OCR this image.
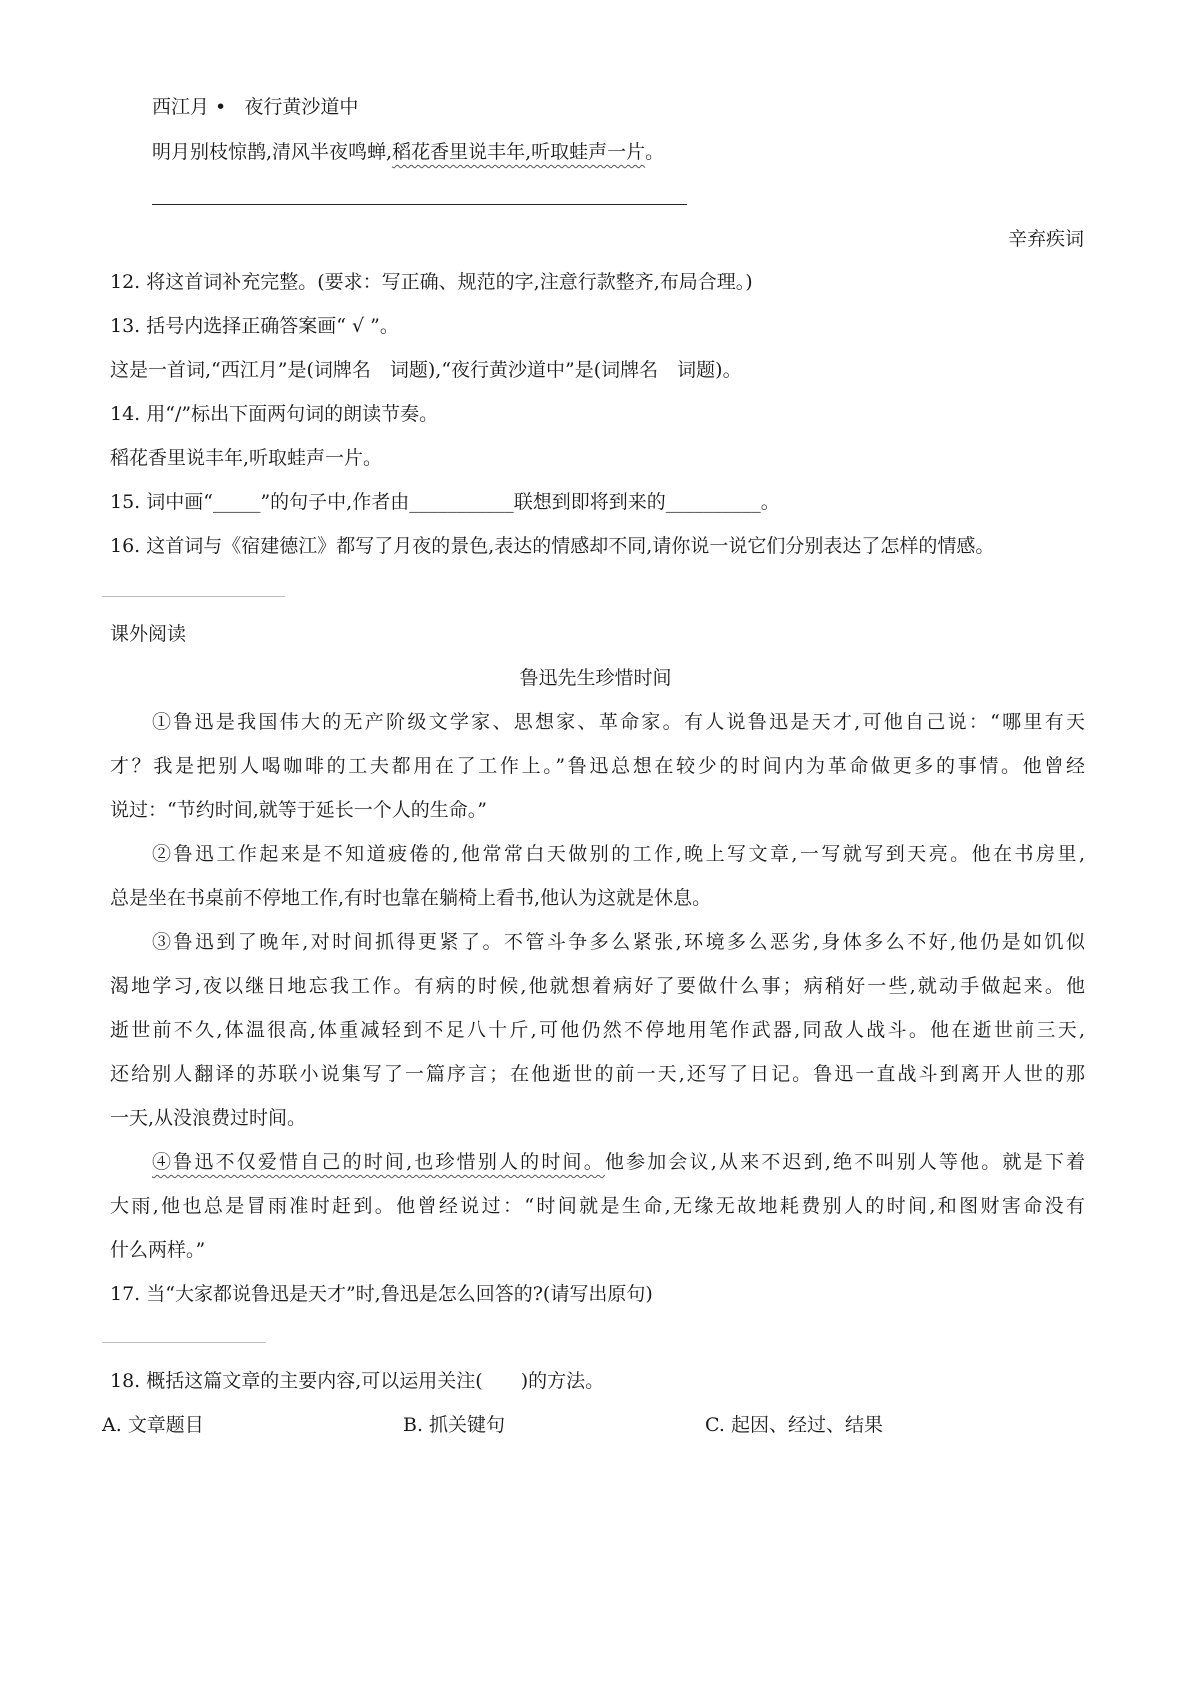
西江月 • 夜行黄沙道中
明月别枝惊鹊,清风半夜鸣蝉,稻花香里说丰年,听取蛙声一片。
辛弃疾词
12. 将这首词补充完整。(要求：写正确、规范的字,注意行款整齐,布局合理。)
13. 括号内选择正确答案画“ √ ”。
这是一首词,“西江月”是(词牌名　词题),“夜行黄沙道中”是(词牌名　词题)。
14. 用“/”标出下面两句词的朗读节奏。
稻花香里说丰年,听取蛙声一片。
15. 词中画“_____”的句子中,作者由___________联想到即将到来的__________。
16. 这首词与《宿建德江》都写了月夜的景色,表达的情感却不同,请你说一说它们分别表达了怎样的情感。
课外阅读
鲁迅先生珍惜时间
①鲁迅是我国伟大的无产阶级文学家、思想家、革命家。有人说鲁迅是天才,可他自己说：“哪里有天
才？我是把别人喝咖啡的工夫都用在了工作上。”鲁迅总想在较少的时间内为革命做更多的事情。他曾经
说过：“节约时间,就等于延长一个人的生命。”
②鲁迅工作起来是不知道疲倦的,他常常白天做别的工作,晚上写文章,一写就写到天亮。他在书房里,
总是坐在书桌前不停地工作,有时也靠在躺椅上看书,他认为这就是休息。
③鲁迅到了晚年,对时间抓得更紧了。不管斗争多么紧张,环境多么恶劣,身体多么不好,他仍是如饥似
渴地学习,夜以继日地忘我工作。有病的时候,他就想着病好了要做什么事；病稍好一些,就动手做起来。他
逝世前不久,体温很高,体重减轻到不足八十斤,可他仍然不停地用笔作武器,同敌人战斗。他在逝世前三天,
还给别人翻译的苏联小说集写了一篇序言；在他逝世的前一天,还写了日记。鲁迅一直战斗到离开人世的那
一天,从没浪费过时间。
④鲁迅不仅爱惜自己的时间,也珍惜别人的时间。他参加会议,从来不迟到,绝不叫别人等他。就是下着
大雨,他也总是冒雨准时赶到。他曾经说过：“时间就是生命,无缘无故地耗费别人的时间,和图财害命没有
什么两样。”
17. 当“大家都说鲁迅是天才”时,鲁迅是怎么回答的?(请写出原句)
18. 概括这篇文章的主要内容,可以运用关注(　　)的方法。
A. 文章题目	B. 抓关键句	C. 起因、经过、结果
